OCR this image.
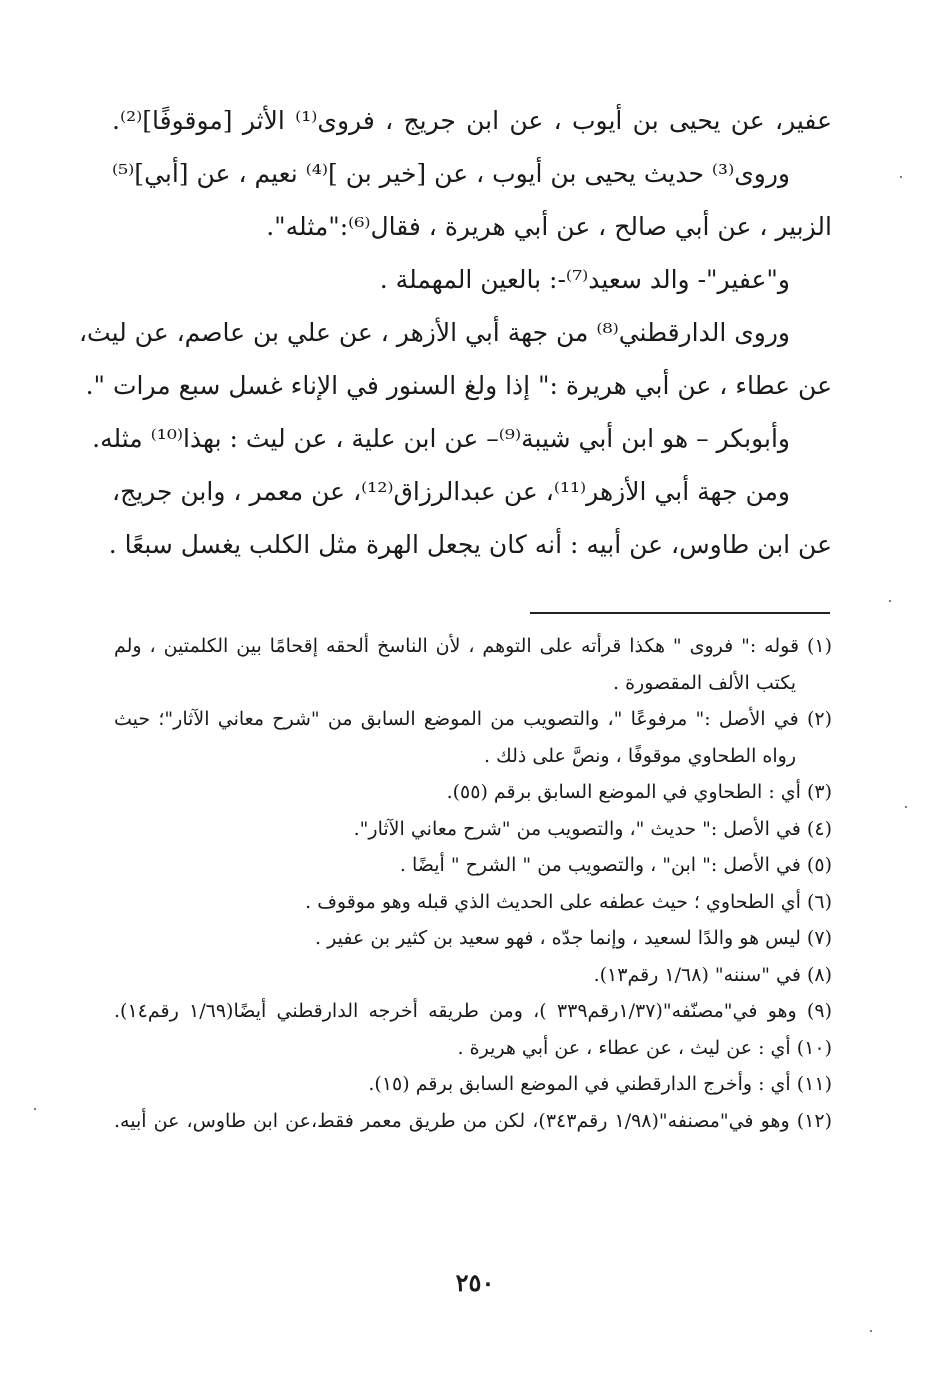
عفير، عن يحيى بن أيوب ، عن ابن جريج ، فروى⁽¹⁾ الأثر [موقوفًا]⁽²⁾.
وروى⁽³⁾ حديث يحيى بن أيوب ، عن [خير بن ]⁽⁴⁾ نعيم ، عن [أبي]⁽⁵⁾
الزبير ، عن أبي صالح ، عن أبي هريرة ، فقال⁽⁶⁾:"مثله".
و"عفير"- والد سعيد⁽⁷⁾-: بالعين المهملة .
وروى الدارقطني⁽⁸⁾ من جهة أبي الأزهر ، عن علي بن عاصم، عن ليث،
عن عطاء ، عن أبي هريرة :" إذا ولغ السنور في الإناء غسل سبع مرات ".
وأبوبكر – هو ابن أبي شيبة⁽⁹⁾– عن ابن علية ، عن ليث : بهذا⁽¹⁰⁾ مثله.
ومن جهة أبي الأزهر⁽¹¹⁾، عن عبدالرزاق⁽¹²⁾، عن معمر ، وابن جريج،
عن ابن طاوس، عن أبيه : أنه كان يجعل الهرة مثل الكلب يغسل سبعًا .
(١) قوله :" فروى " هكذا قرأته على التوهم ، لأن الناسخ ألحقه إقحامًا بين الكلمتين ، ولم
يكتب الألف المقصورة .
(٢) في الأصل :" مرفوعًا "، والتصويب من الموضع السابق من "شرح معاني الآثار"؛ حيث
رواه الطحاوي موقوفًا ، ونصَّ على ذلك .
(٣) أي : الطحاوي في الموضع السابق برقم (٥٥).
(٤) في الأصل :" حديث "، والتصويب من "شرح معاني الآثار".
(٥) في الأصل :" ابن" ، والتصويب من " الشرح " أيضًا .
(٦) أي الطحاوي ؛ حيث عطفه على الحديث الذي قبله وهو موقوف .
(٧) ليس هو والدًا لسعيد ، وإنما جدّه ، فهو سعيد بن كثير بن عفير .
(٨) في "سننه" (١/٦٨ رقم١٣).
(٩) وهو في"مصنّفه"(١/٣٧رقم٣٣٩ )، ومن طريقه أخرجه الدارقطني أيضًا(١/٦٩ رقم١٤).
(١٠) أي : عن ليث ، عن عطاء ، عن أبي هريرة .
(١١) أي : وأخرج الدارقطني في الموضع السابق برقم (١٥).
(١٢) وهو في"مصنفه"(١/٩٨ رقم٣٤٣)، لكن من طريق معمر فقط،عن ابن طاوس، عن أبيه.
٢٥٠
